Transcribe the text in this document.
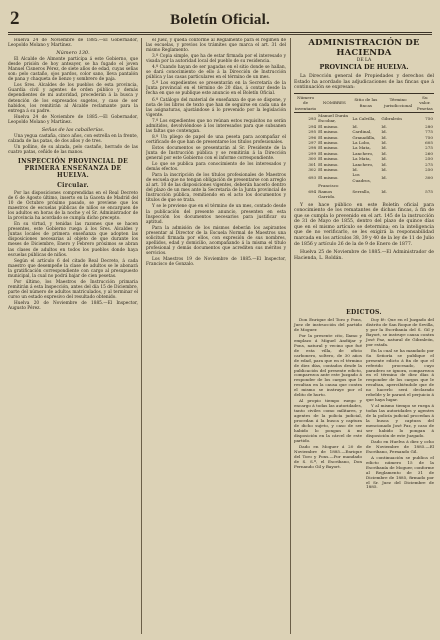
2	Boletín Oficial.

Huelva 24 de Noviembre de 1885.—El Gobernador, Leopoldo Molano y Martínez.

Número 130.

El Alcalde de Almonte participa á este Gobierno, que desde prisión de hoy anteayer, se ha fugado el joven Manuel Cisneros Pérez, de siete años de edad, cuyas señas son: pelo castaño, ojos pardos, color sano, lleva pantalón de pana y chaqueta de lienzo y sombrero de paja.

Los Sres. Alcaldes de los pueblos de esta provincia, Guardia civil y agentes de orden público y demás dependientes de mi autoridad, procederán á la busca y detención de los expresados sugetos, y caso de ser habidos, los remitirán al Alcalde reclamante para la entrega á su padre.

Huelva 24 de Noviembre de 1885.—El Gobernador, Leopoldo Molano y Martínez.

Señas de las caballerías.

Una yegua castaña, cinco años, con estrella en la frente, calzada de las patas, de dos años y de tres.

Un pollino, de su alzada, pelo castaño, herrado de las cuatro patas, ceñido de las manos.

INSPECCIÓN PROVINCIAL DE PRIMERA ENSEÑANZA DE HUELVA.
Circular.

Por las disposiciones comprendidas en el Real Decreto de 6 de Agosto último, inserto en la Gaceta de Madrid del 10 de Octubre próximo pasado, se previene que los maestros de escuelas públicas de niños se encarguen de los adultos en horas de la noche y el Sr. Administrador de la provincia ha acordado se cumpla dicho precepto.

En su virtud, y tenidas las razones que se hacen presentes, este Gobierno ruega á los Sres. Alcaldes y Juntas locales de primera enseñanza que adopten las disposiciones necesarias al objeto de que durante los meses de Diciembre, Enero y Febrero próximos se abran las clases de adultos en todos los pueblos donde haya escuelas públicas de niños.

Según el artículo 6 del citado Real Decreto, á cada maestro que desempeñe la clase de adultos se le abonará la gratificación correspondiente con cargo al presupuesto municipal, la cual no podrá bajar de cien pesetas.

Por último, los Maestros de Instrucción primaria remitirán á esta Inspección, antes del día 15 de Diciembre, parte del número de adultos matriculados, y al terminar el curso un estado expresivo del resultado obtenido.

Huelva 20 de Noviembre de 1885.—El Inspector, Augusto Pérez.

el Juez, y queda conforme al Reglamento para el régimen de las escuelas, y previos los trámites que marca el art. 31 del mismo Reglamento.

3.º Copia simple, que ha de estar firmada por el interesado y visada por la autoridad local del pueblo de su residencia.

4.º Cuando hayan de ser pagadas en el sitio donde se hallan, se dará conocimiento de ello á la Dirección de Instrucción pública y las casas particulares en el término de un mes.

5.º Los expedientes se presentarán en la Secretaría de la Junta provincial en el término de 20 días, á contar desde la fecha en que se publique este anuncio en el Boletín Oficial.

6.º Catálogo del material de enseñanza de que se dispone, y nota de los libros de texto que han de seguirse en cada una de las asignaturas, ajustándose á lo prevenido por la legislación vigente.

7.º Los expedientes que no reúnan estos requisitos no serán admitidos, devolviéndose á los interesados para que subsanen las faltas que contengan.

8.º Un pliego de papel de una peseta para acompañar el certificado de que han de presentarse los títulos profesionales.

Estos documentos se presentarán al Sr. Presidente de la Junta de Instrucción pública y se remitirán á la Dirección general por este Gobierno con el informe correspondiente.

Lo que se publica para conocimiento de los interesados y demás efectos.

Para la inscripción de los títulos profesionales de Maestros de escuela que no tengan obligación de presentarse con arreglo al art. 10 de las disposiciones vigentes, deberán hacerlo dentro del plazo de un mes ante la Secretaría de la Junta provincial de Instrucción pública, remitiendo en el acto los documentos y títulos de que se trata.

Y se le previene que en el término de un mes, contado desde la publicación del presente anuncio, presenten en esta Inspección los documentos necesarios para justificar su aptitud.

Para la admisión de los mismos deberán los aspirantes presentar al Director de la Escuela Normal de Maestros una solicitud firmada por ellos, con expresión de sus nombres, apellidos, edad y domicilio, acompañando á la misma el título profesional y demás documentos que acrediten sus méritos y servicios.

Los Maestros 19 de Noviembre de 1885.—El Inspector, Francisco de Gonzalo.

ADMINISTRACIÓN DE HACIENDA
DE LA
PROVINCIA DE HUELVA.
La Dirección general de Propiedades y derechos del Estado ha acordado las adjudicaciones de las fincas que á continuación se expresan:
Número de inventario	NOMBRES	Sitio de las fincas	Término jurisdiccional	Su valor. Pesetas
293	Manuel Durán Escobar,	La Calvilla,	Gibraleón	750
294	El mismo.	Id.	Id.	280
295	El mismo.	Cardinal,	Id.	775
296	El mismo.	Granadilla,	Id.	750
297	El mismo.	La Lobo,	Id.	605
298	El mismo.	La Mata,	Id.	275
299	El mismo.	Lanchero,	Id.	260
300	El mismo.	La Mata,	Id.	250
301	El mismo.	Lanchero,	Id.	275
302	El mismo.	Id.	Id.	250
693	El mismo.	Los Cuadros,	Id.	300
694	Francisco Ramos Garrido.	Serrallo,	Id.	575
Y se hace público en este Boletín oficial para conocimiento de los rematantes de dichas fincas, á fin de que se cumpla lo prevenido en el art. 145 de la instrucción de 31 de Mayo de 1855, dentro del plazo de quince días que en el mismo artículo se determina; en la inteligencia que de no verificarlo, se les exigirá la responsabilidad marcada en los artículos 38, 39 y 40 de la ley de 11 de Julio de 1856 y artículo 26 de la de 9 de Enero de 1877.
Huelva 25 de Noviembre de 1885.—El Administrador de Hacienda, L. Roldán.
EDICTOS.

Don Enrique del Toro y Pons, Juez de instrucción del partido de Moguer.

Por la presente cito, llamo y emplazo á Miguel Andújar y Pons, natural y vecino que fué de esta villa, de oficio carbonero, soltero, de 30 años de edad, para que en el término de diez días, contados desde la publicación del presente edicto, comparezca ante este Juzgado á responder de los cargos que le resultan en la causa que contra el mismo se instruye por el delito de hurto.

Al propio tiempo ruego y encargo á todas las autoridades, tanto civiles como militares, y agentes de la policía judicial, procedan á la busca y captura de dicho sujeto, y caso de ser habido lo pongan á mi disposición en la cárcel de este partido.

Dado en Moguer á 20 de Noviembre de 1885.—Enrique del Toro y Pons.—Por mandado de S. S.ª, el Escribano, Don Fernando Gil y Bayort.

Doy fé: Que en el Juzgado del distrito de San Roque de Sevilla, y por la Escribanía del S. Gil y Bayort, se instruye causa contra José Paz, natural de Gibraleón, por estafa.

En la cual se ha mandado por Su Señoría se publique el presente edicto á fin de que el referido procesado, cuyo paradero se ignora, comparezca en el término de diez días á responder de los cargos que le resultan, apercibiéndole que de no hacerlo será declarado rebelde y le parará el perjuicio á que haya lugar.

Y al mismo tiempo se ruega á todas las autoridades y agentes de la policía judicial procedan á la busca y captura del mencionado José Paz, y caso de ser habido lo pongan á disposición de este Juzgado.

Dado en Huelva á diez y ocho de Noviembre de 1885.—El Escribano, Fernando Gil.

A continuación se publica el edicto número 15 de la Escribanía de Moguer, conforme al Reglamento de 31 de Diciembre de 1885, firmado por el Sr. Juez del Diciembre de 1885.
